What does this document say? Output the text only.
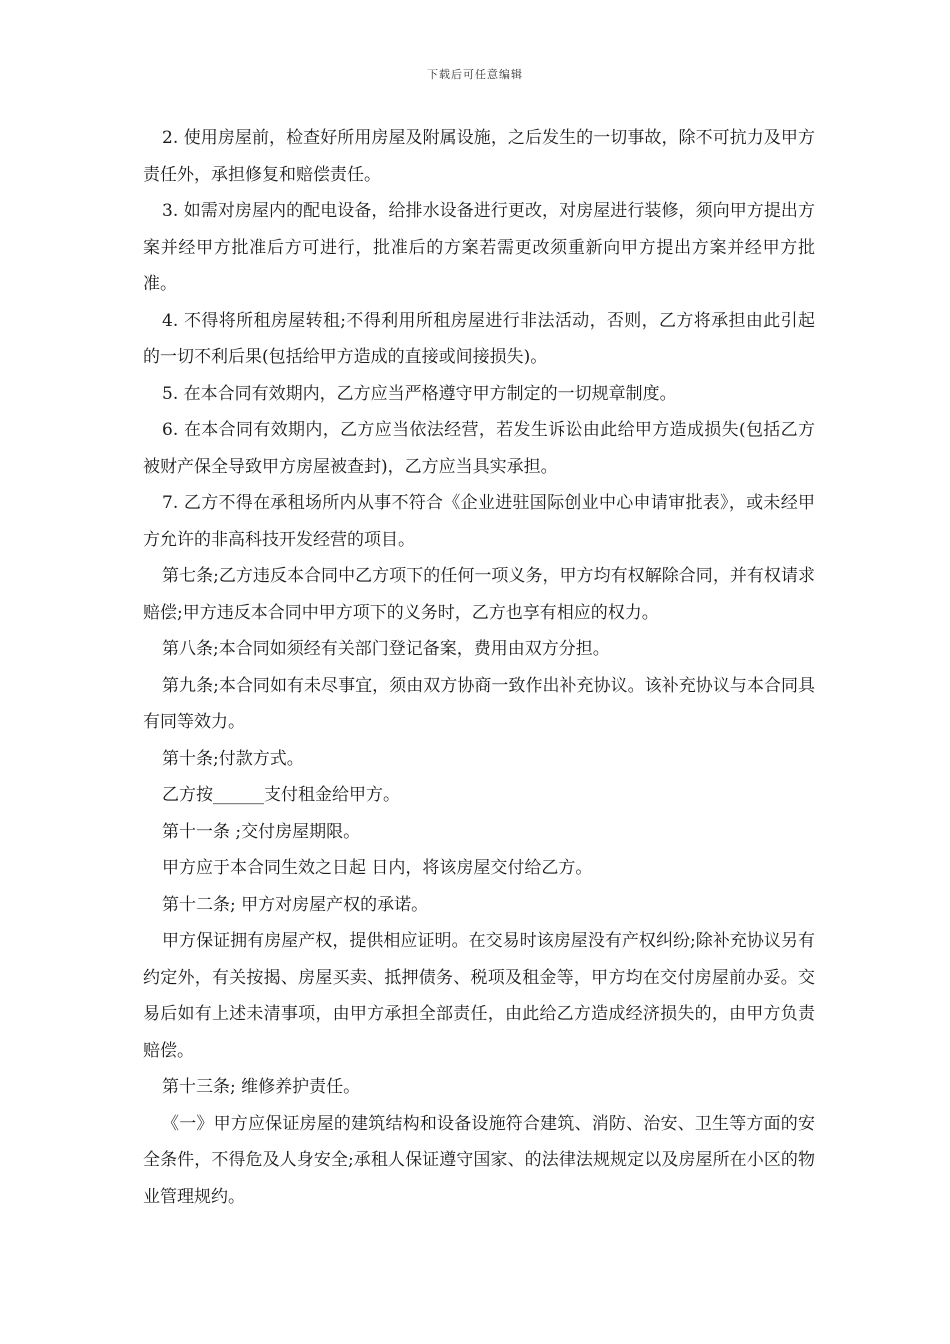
下载后可任意编辑

2. 使用房屋前，检查好所用房屋及附属设施，之后发生的一切事故，除不可抗力及甲方责任外，承担修复和赔偿责任。

3. 如需对房屋内的配电设备，给排水设备进行更改，对房屋进行装修，须向甲方提出方案并经甲方批准后方可进行，批准后的方案若需更改须重新向甲方提出方案并经甲方批准。

4. 不得将所租房屋转租;不得利用所租房屋进行非法活动，否则，乙方将承担由此引起的一切不利后果(包括给甲方造成的直接或间接损失)。

5. 在本合同有效期内，乙方应当严格遵守甲方制定的一切规章制度。

6. 在本合同有效期内，乙方应当依法经营，若发生诉讼由此给甲方造成损失(包括乙方被财产保全导致甲方房屋被查封)，乙方应当具实承担。

7. 乙方不得在承租场所内从事不符合《企业进驻国际创业中心申请审批表》，或未经甲方允许的非高科技开发经营的项目。

第七条;乙方违反本合同中乙方项下的任何一项义务，甲方均有权解除合同，并有权请求赔偿;甲方违反本合同中甲方项下的义务时，乙方也享有相应的权力。

第八条;本合同如须经有关部门登记备案，费用由双方分担。

第九条;本合同如有未尽事宜，须由双方协商一致作出补充协议。该补充协议与本合同具有同等效力。

第十条;付款方式。

乙方按______支付租金给甲方。

第十一条 ;交付房屋期限。

甲方应于本合同生效之日起 日内，将该房屋交付给乙方。

第十二条; 甲方对房屋产权的承诺。

甲方保证拥有房屋产权，提供相应证明。在交易时该房屋没有产权纠纷;除补充协议另有约定外，有关按揭、房屋买卖、抵押债务、税项及租金等，甲方均在交付房屋前办妥。交易后如有上述未清事项，由甲方承担全部责任，由此给乙方造成经济损失的，由甲方负责赔偿。

第十三条; 维修养护责任。

《一》甲方应保证房屋的建筑结构和设备设施符合建筑、消防、治安、卫生等方面的安全条件，不得危及人身安全;承租人保证遵守国家、的法律法规规定以及房屋所在小区的物业管理规约。
